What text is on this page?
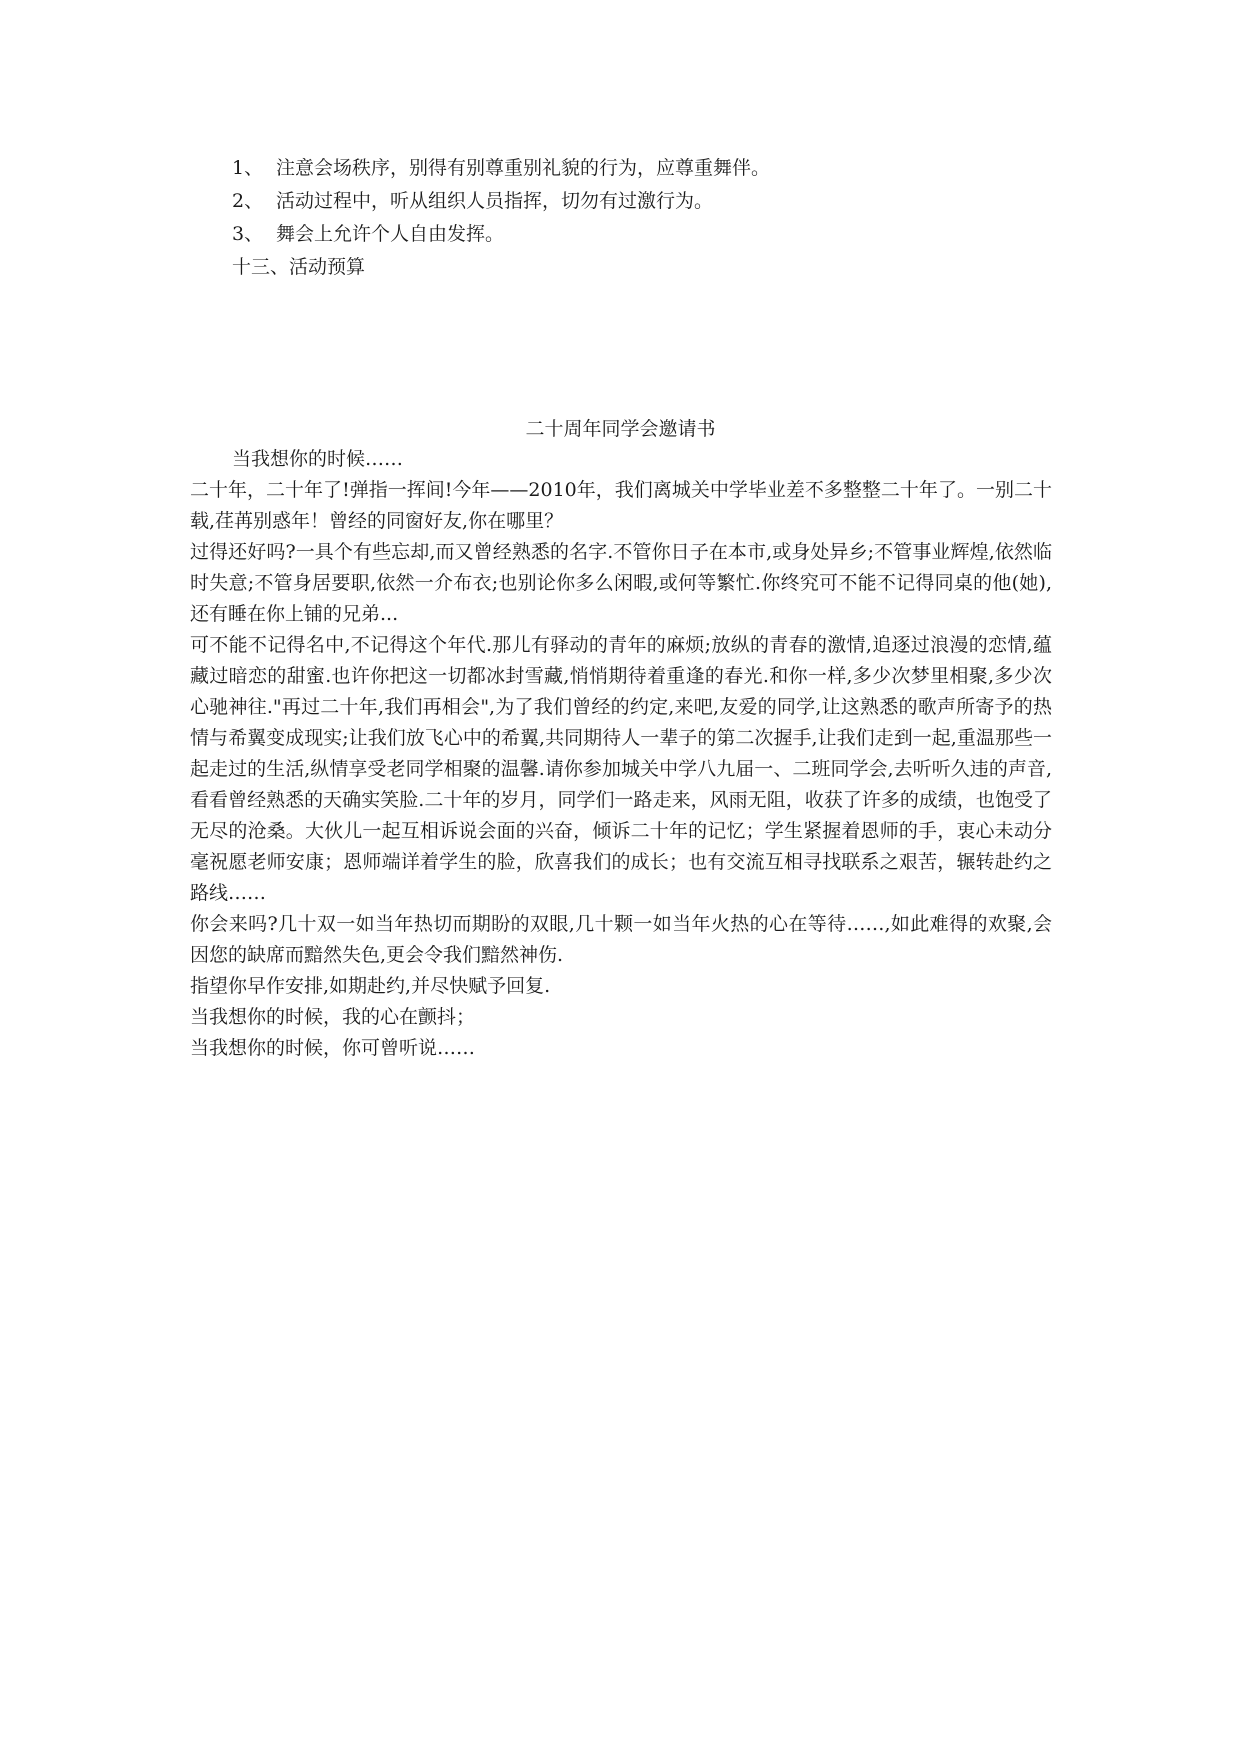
1、 注意会场秩序，别得有别尊重别礼貌的行为，应尊重舞伴。
2、 活动过程中，听从组织人员指挥，切勿有过激行为。
3、 舞会上允许个人自由发挥。
十三、活动预算
二十周年同学会邀请书

当我想你的时候……

二十年，二十年了!弹指一挥间!今年——2010年，我们离城关中学毕业差不多整整二十年了。一别二十载,荏苒别惑年！曾经的同窗好友,你在哪里？

过得还好吗?一具个有些忘却,而又曾经熟悉的名字.不管你日子在本市,或身处异乡;不管事业辉煌,依然临时失意;不管身居要职,依然一介布衣;也别论你多么闲暇,或何等繁忙.你终究可不能不记得同桌的他(她),还有睡在你上铺的兄弟...

可不能不记得名中,不记得这个年代.那儿有驿动的青年的麻烦;放纵的青春的激情,追逐过浪漫的恋情,蕴藏过暗恋的甜蜜.也许你把这一切都冰封雪藏,悄悄期待着重逢的春光.和你一样,多少次梦里相聚,多少次心驰神往."再过二十年,我们再相会",为了我们曾经的约定,来吧,友爱的同学,让这熟悉的歌声所寄予的热情与希翼变成现实;让我们放飞心中的希翼,共同期待人一辈子的第二次握手,让我们走到一起,重温那些一起走过的生活,纵情享受老同学相聚的温馨.请你参加城关中学八九届一、二班同学会,去听听久违的声音,看看曾经熟悉的天确实笑脸.二十年的岁月，同学们一路走来，风雨无阻，收获了许多的成绩，也饱受了无尽的沧桑。大伙儿一起互相诉说会面的兴奋，倾诉二十年的记忆；学生紧握着恩师的手，衷心未动分毫祝愿老师安康；恩师端详着学生的脸，欣喜我们的成长；也有交流互相寻找联系之艰苦，辗转赴约之路线……

你会来吗?几十双一如当年热切而期盼的双眼,几十颗一如当年火热的心在等待……,如此难得的欢聚,会因您的缺席而黯然失色,更会令我们黯然神伤.

指望你早作安排,如期赴约,并尽快赋予回复.

当我想你的时候，我的心在颤抖；

当我想你的时候，你可曾听说……
